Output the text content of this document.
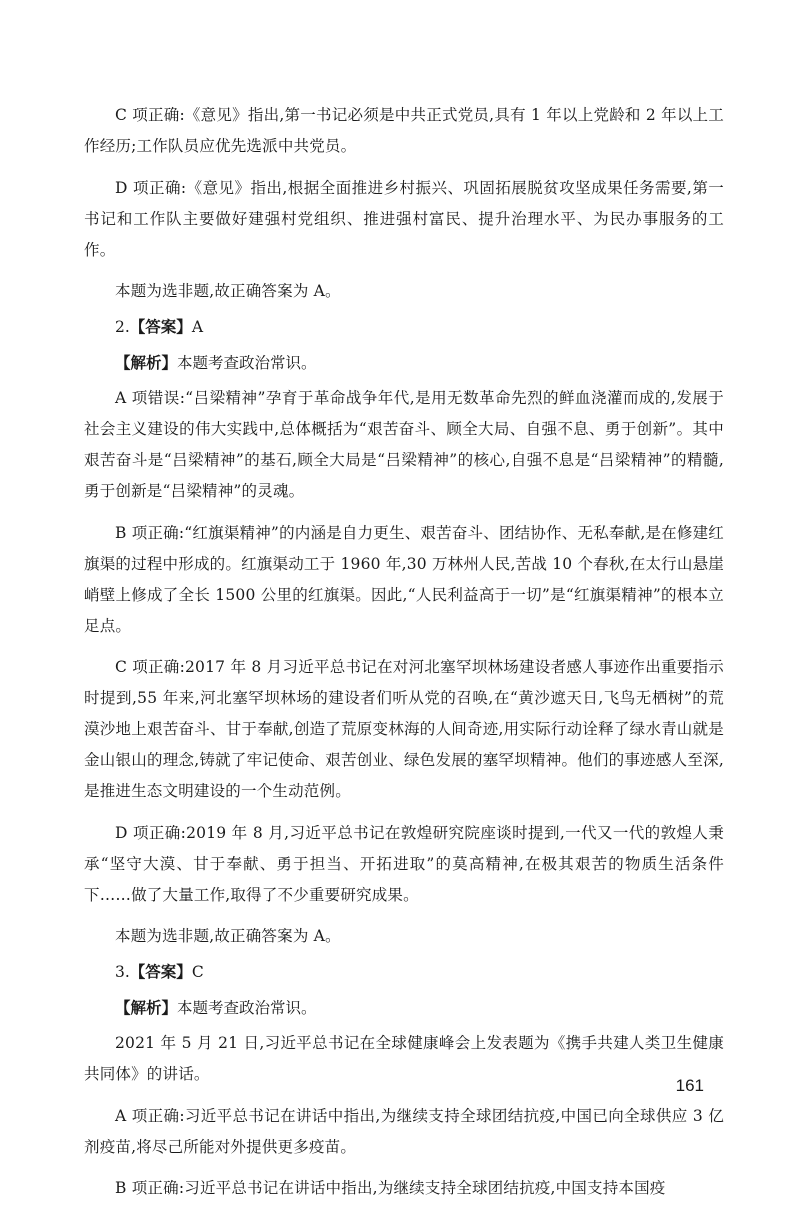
C 项正确:《意见》指出,第一书记必须是中共正式党员,具有 1 年以上党龄和 2 年以上工作经历;工作队员应优先选派中共党员。

D 项正确:《意见》指出,根据全面推进乡村振兴、巩固拓展脱贫攻坚成果任务需要,第一书记和工作队主要做好建强村党组织、推进强村富民、提升治理水平、为民办事服务的工作。

本题为选非题,故正确答案为 A。

2.【答案】A

【解析】本题考查政治常识。

A 项错误:“吕梁精神”孕育于革命战争年代,是用无数革命先烈的鲜血浇灌而成的,发展于社会主义建设的伟大实践中,总体概括为“艰苦奋斗、顾全大局、自强不息、勇于创新”。其中艰苦奋斗是“吕梁精神”的基石,顾全大局是“吕梁精神”的核心,自强不息是“吕梁精神”的精髓,勇于创新是“吕梁精神”的灵魂。

B 项正确:“红旗渠精神”的内涵是自力更生、艰苦奋斗、团结协作、无私奉献,是在修建红旗渠的过程中形成的。红旗渠动工于 1960 年,30 万林州人民,苦战 10 个春秋,在太行山悬崖峭壁上修成了全长 1500 公里的红旗渠。因此,“人民利益高于一切”是“红旗渠精神”的根本立足点。

C 项正确:2017 年 8 月习近平总书记在对河北塞罕坝林场建设者感人事迹作出重要指示时提到,55 年来,河北塞罕坝林场的建设者们听从党的召唤,在“黄沙遮天日,飞鸟无栖树”的荒漠沙地上艰苦奋斗、甘于奉献,创造了荒原变林海的人间奇迹,用实际行动诠释了绿水青山就是金山银山的理念,铸就了牢记使命、艰苦创业、绿色发展的塞罕坝精神。他们的事迹感人至深,是推进生态文明建设的一个生动范例。

D 项正确:2019 年 8 月,习近平总书记在敦煌研究院座谈时提到,一代又一代的敦煌人秉承“坚守大漠、甘于奉献、勇于担当、开拓进取”的莫高精神,在极其艰苦的物质生活条件下……做了大量工作,取得了不少重要研究成果。

本题为选非题,故正确答案为 A。

3.【答案】C

【解析】本题考查政治常识。

2021 年 5 月 21 日,习近平总书记在全球健康峰会上发表题为《携手共建人类卫生健康共同体》的讲话。

A 项正确:习近平总书记在讲话中指出,为继续支持全球团结抗疫,中国已向全球供应 3 亿剂疫苗,将尽己所能对外提供更多疫苗。

B 项正确:习近平总书记在讲话中指出,为继续支持全球团结抗疫,中国支持本国疫

161
